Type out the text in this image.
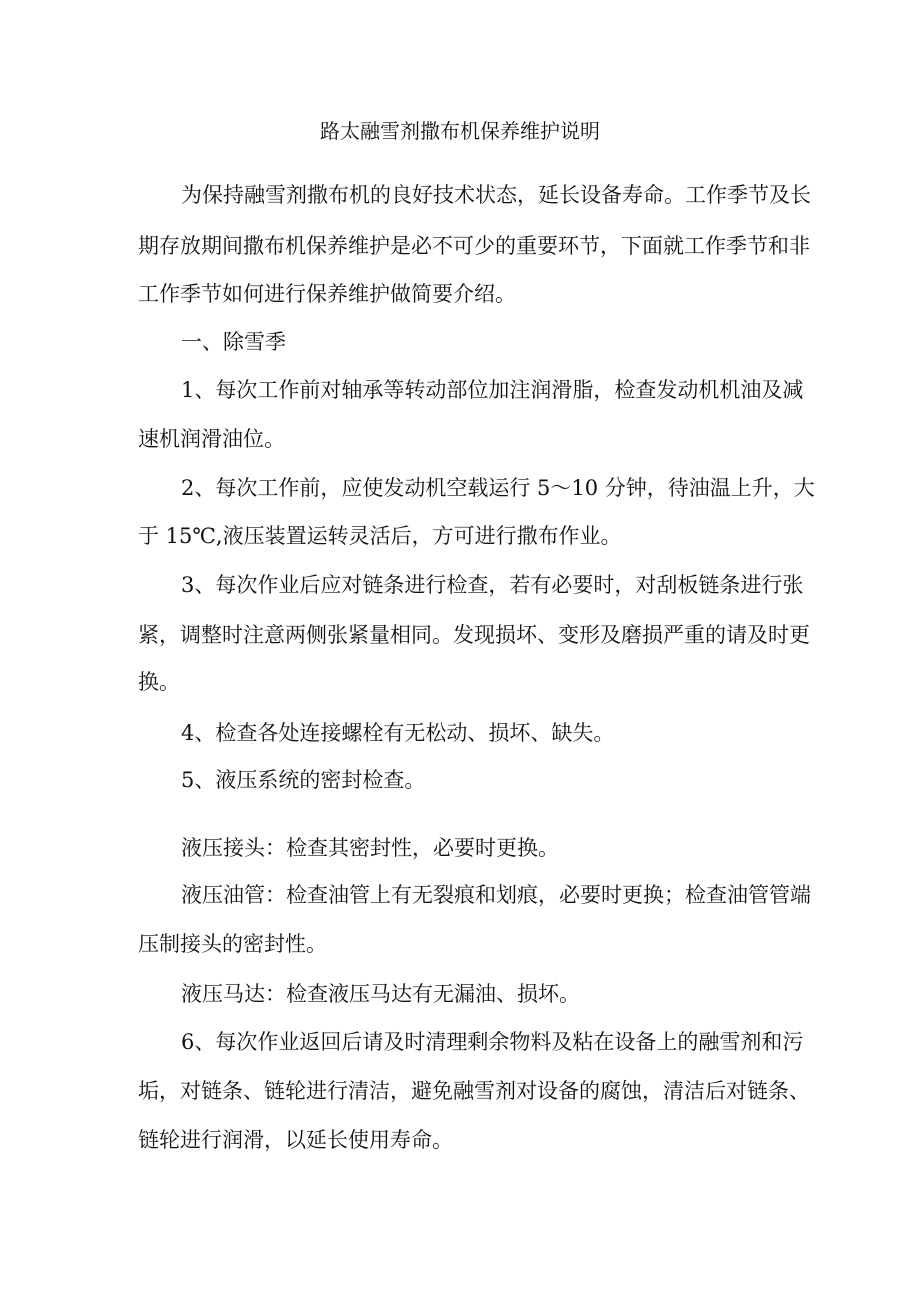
路太融雪剂撒布机保养维护说明

为保持融雪剂撒布机的良好技术状态，延长设备寿命。工作季节及长

期存放期间撒布机保养维护是必不可少的重要环节，下面就工作季节和非

工作季节如何进行保养维护做简要介绍。

一、除雪季

1、每次工作前对轴承等转动部位加注润滑脂，检查发动机机油及减

速机润滑油位。

2、每次工作前，应使发动机空载运行 5～10 分钟，待油温上升，大

于 15℃,液压装置运转灵活后，方可进行撒布作业。

3、每次作业后应对链条进行检查，若有必要时，对刮板链条进行张

紧，调整时注意两侧张紧量相同。发现损坏、变形及磨损严重的请及时更

换。

4、检查各处连接螺栓有无松动、损坏、缺失。

5、液压系统的密封检查。

液压接头：检查其密封性，必要时更换。

液压油管：检查油管上有无裂痕和划痕，必要时更换；检查油管管端

压制接头的密封性。

液压马达：检查液压马达有无漏油、损坏。

6、每次作业返回后请及时清理剩余物料及粘在设备上的融雪剂和污

垢，对链条、链轮进行清洁，避免融雪剂对设备的腐蚀，清洁后对链条、

链轮进行润滑，以延长使用寿命。
